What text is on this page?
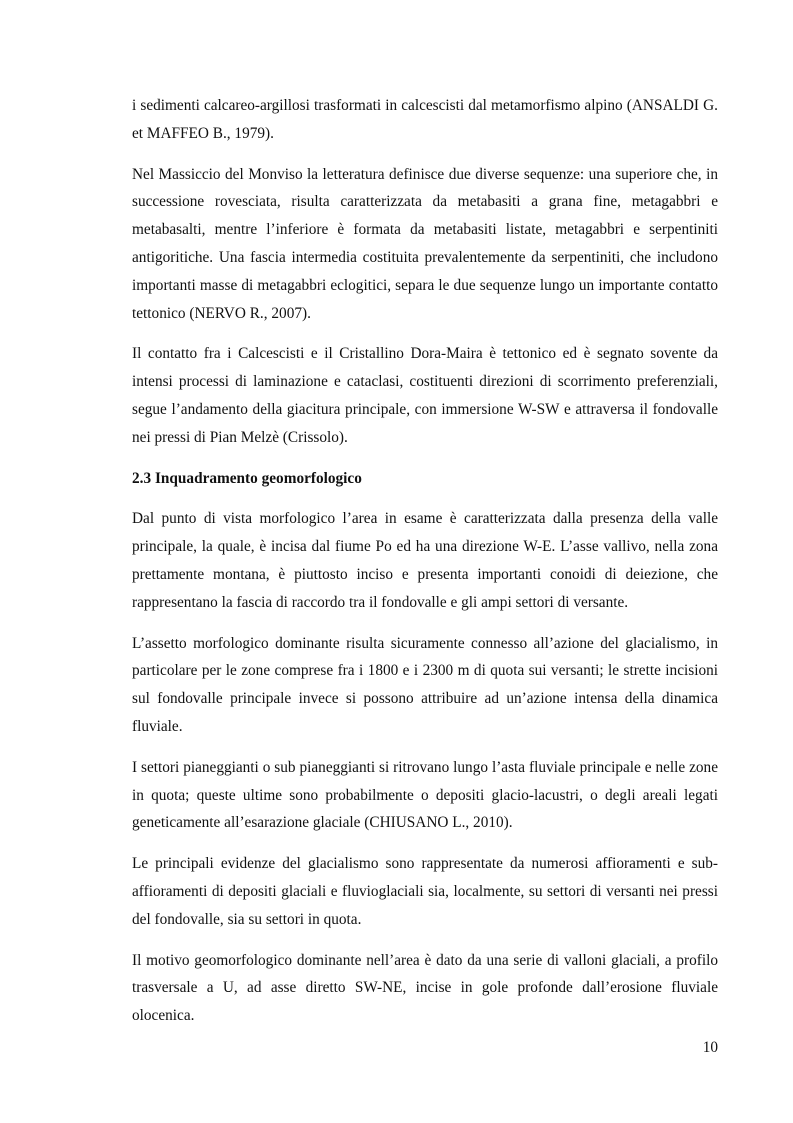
i sedimenti calcareo-argillosi trasformati in calcescisti dal metamorfismo alpino (ANSALDI G. et MAFFEO B., 1979).

Nel Massiccio del Monviso la letteratura definisce due diverse sequenze: una superiore che, in successione rovesciata, risulta caratterizzata da metabasiti a grana fine, metagabbri e metabasalti, mentre l’inferiore è formata da metabasiti listate, metagabbri e serpentiniti antigoritiche. Una fascia intermedia costituita prevalentemente da serpentiniti, che includono importanti masse di metagabbri eclogitici, separa le due sequenze lungo un importante contatto tettonico (NERVO R., 2007).

Il contatto fra i Calcescisti e il Cristallino Dora-Maira è tettonico ed è segnato sovente da intensi processi di laminazione e cataclasi, costituenti direzioni di scorrimento preferenziali, segue l’andamento della giacitura principale, con immersione W-SW e attraversa il fondovalle nei pressi di Pian Melzè (Crissolo).

2.3 Inquadramento geomorfologico

Dal punto di vista morfologico l’area in esame è caratterizzata dalla presenza della valle principale, la quale, è incisa dal fiume Po ed ha una direzione W-E. L’asse vallivo, nella zona prettamente montana, è piuttosto inciso e presenta importanti conoidi di deiezione, che rappresentano la fascia di raccordo tra il fondovalle e gli ampi settori di versante.

L’assetto morfologico dominante risulta sicuramente connesso all’azione del glacialismo, in particolare per le zone comprese fra i 1800 e i 2300 m di quota sui versanti; le strette incisioni sul fondovalle principale invece si possono attribuire ad un’azione intensa della dinamica fluviale.

I settori pianeggianti o sub pianeggianti si ritrovano lungo l’asta fluviale principale e nelle zone in quota; queste ultime sono probabilmente o depositi glacio-lacustri, o degli areali legati geneticamente all’esarazione glaciale (CHIUSANO L., 2010).

Le principali evidenze del glacialismo sono rappresentate da numerosi affioramenti e sub-affioramenti di depositi glaciali e fluvioglaciali sia, localmente, su settori di versanti nei pressi del fondovalle, sia su settori in quota.

Il motivo geomorfologico dominante nell’area è dato da una serie di valloni glaciali, a profilo trasversale a U, ad asse diretto SW-NE, incise in gole profonde dall’erosione fluviale olocenica.

10
